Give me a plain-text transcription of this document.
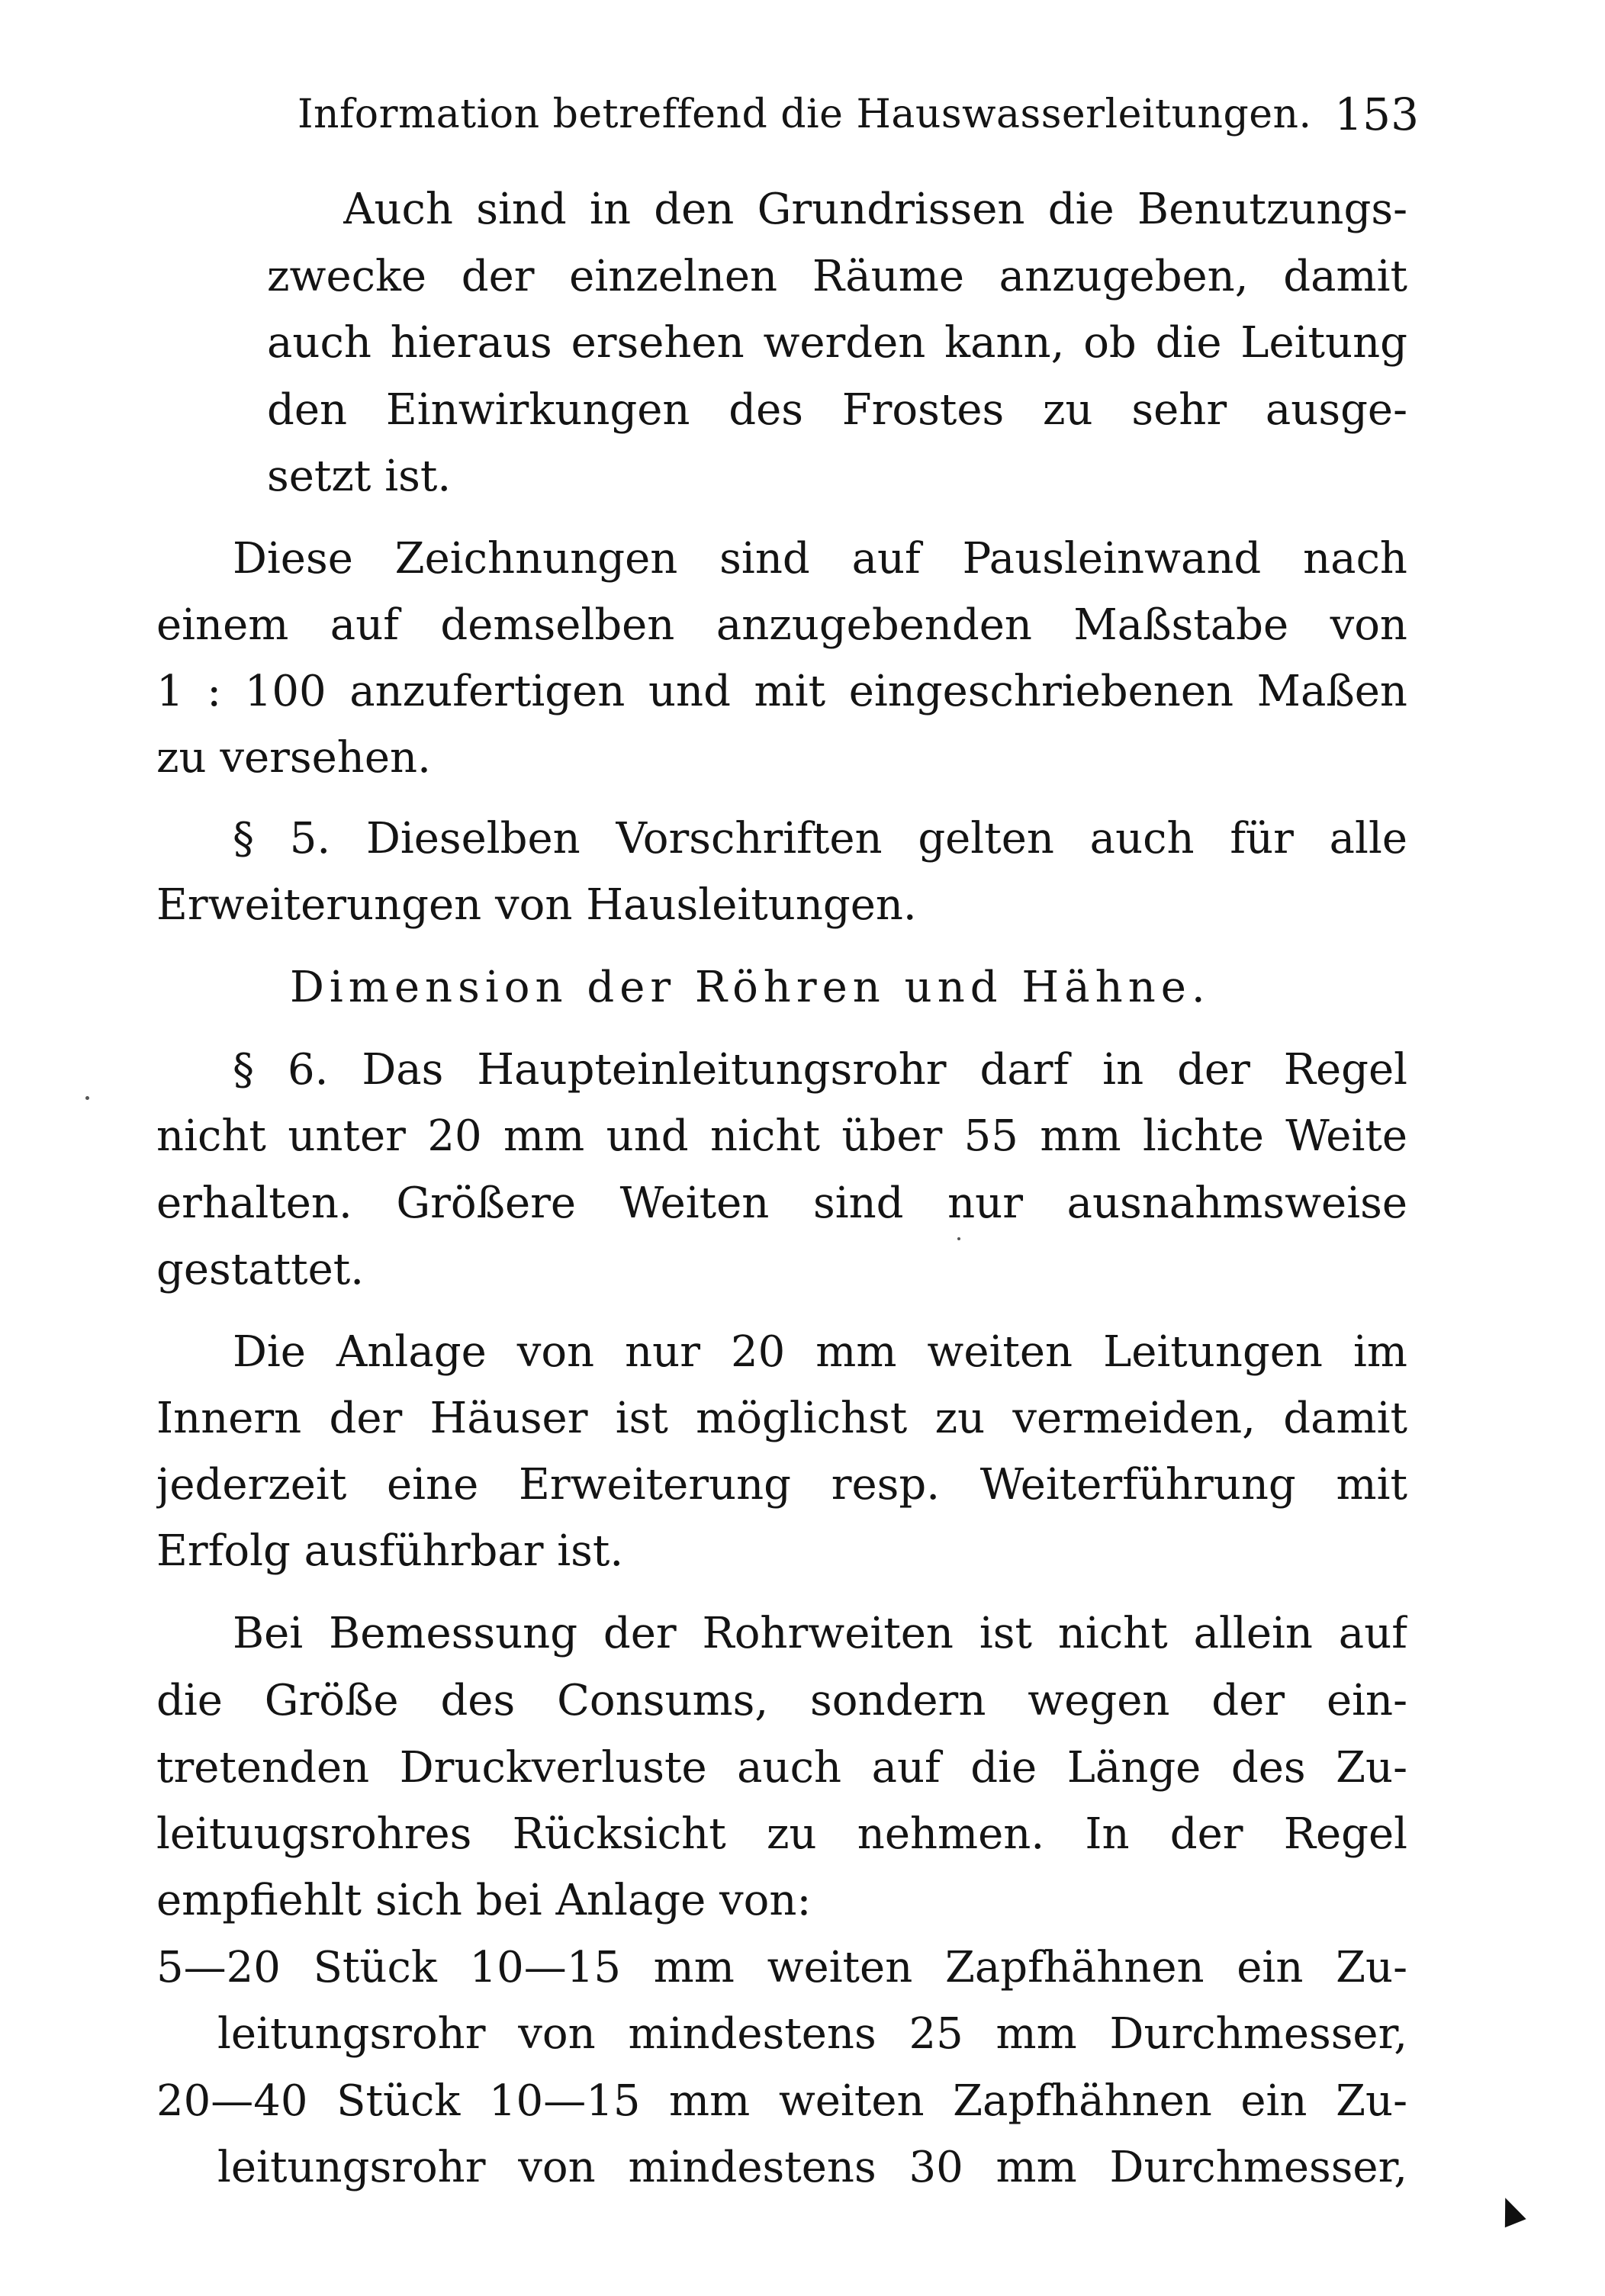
Information betreffend die Hauswasserleitungen. 153
Auch sind in den Grundrissen die Benutzungs-
zwecke der einzelnen Räume anzugeben, damit
auch hieraus ersehen werden kann, ob die Leitung
den Einwirkungen des Frostes zu sehr ausge-
setzt ist.
Diese Zeichnungen sind auf Pausleinwand nach
einem auf demselben anzugebenden Maßstabe von
1 : 100 anzufertigen und mit eingeschriebenen Maßen
zu versehen.
§ 5. Dieselben Vorschriften gelten auch für alle
Erweiterungen von Hausleitungen.
Dimension der Röhren und Hähne.
§ 6. Das Haupteinleitungsrohr darf in der Regel
nicht unter 20 mm und nicht über 55 mm lichte Weite
erhalten. Größere Weiten sind nur ausnahmsweise
gestattet.
Die Anlage von nur 20 mm weiten Leitungen im
Innern der Häuser ist möglichst zu vermeiden, damit
jederzeit eine Erweiterung resp. Weiterführung mit
Erfolg ausführbar ist.
Bei Bemessung der Rohrweiten ist nicht allein auf
die Größe des Consums, sondern wegen der ein-
tretenden Druckverluste auch auf die Länge des Zu-
leituugsrohres Rücksicht zu nehmen. In der Regel
empfiehlt sich bei Anlage von:
5—20 Stück 10—15 mm weiten Zapfhähnen ein Zu-
leitungsrohr von mindestens 25 mm Durchmesser,
20—40 Stück 10—15 mm weiten Zapfhähnen ein Zu-
leitungsrohr von mindestens 30 mm Durchmesser,
